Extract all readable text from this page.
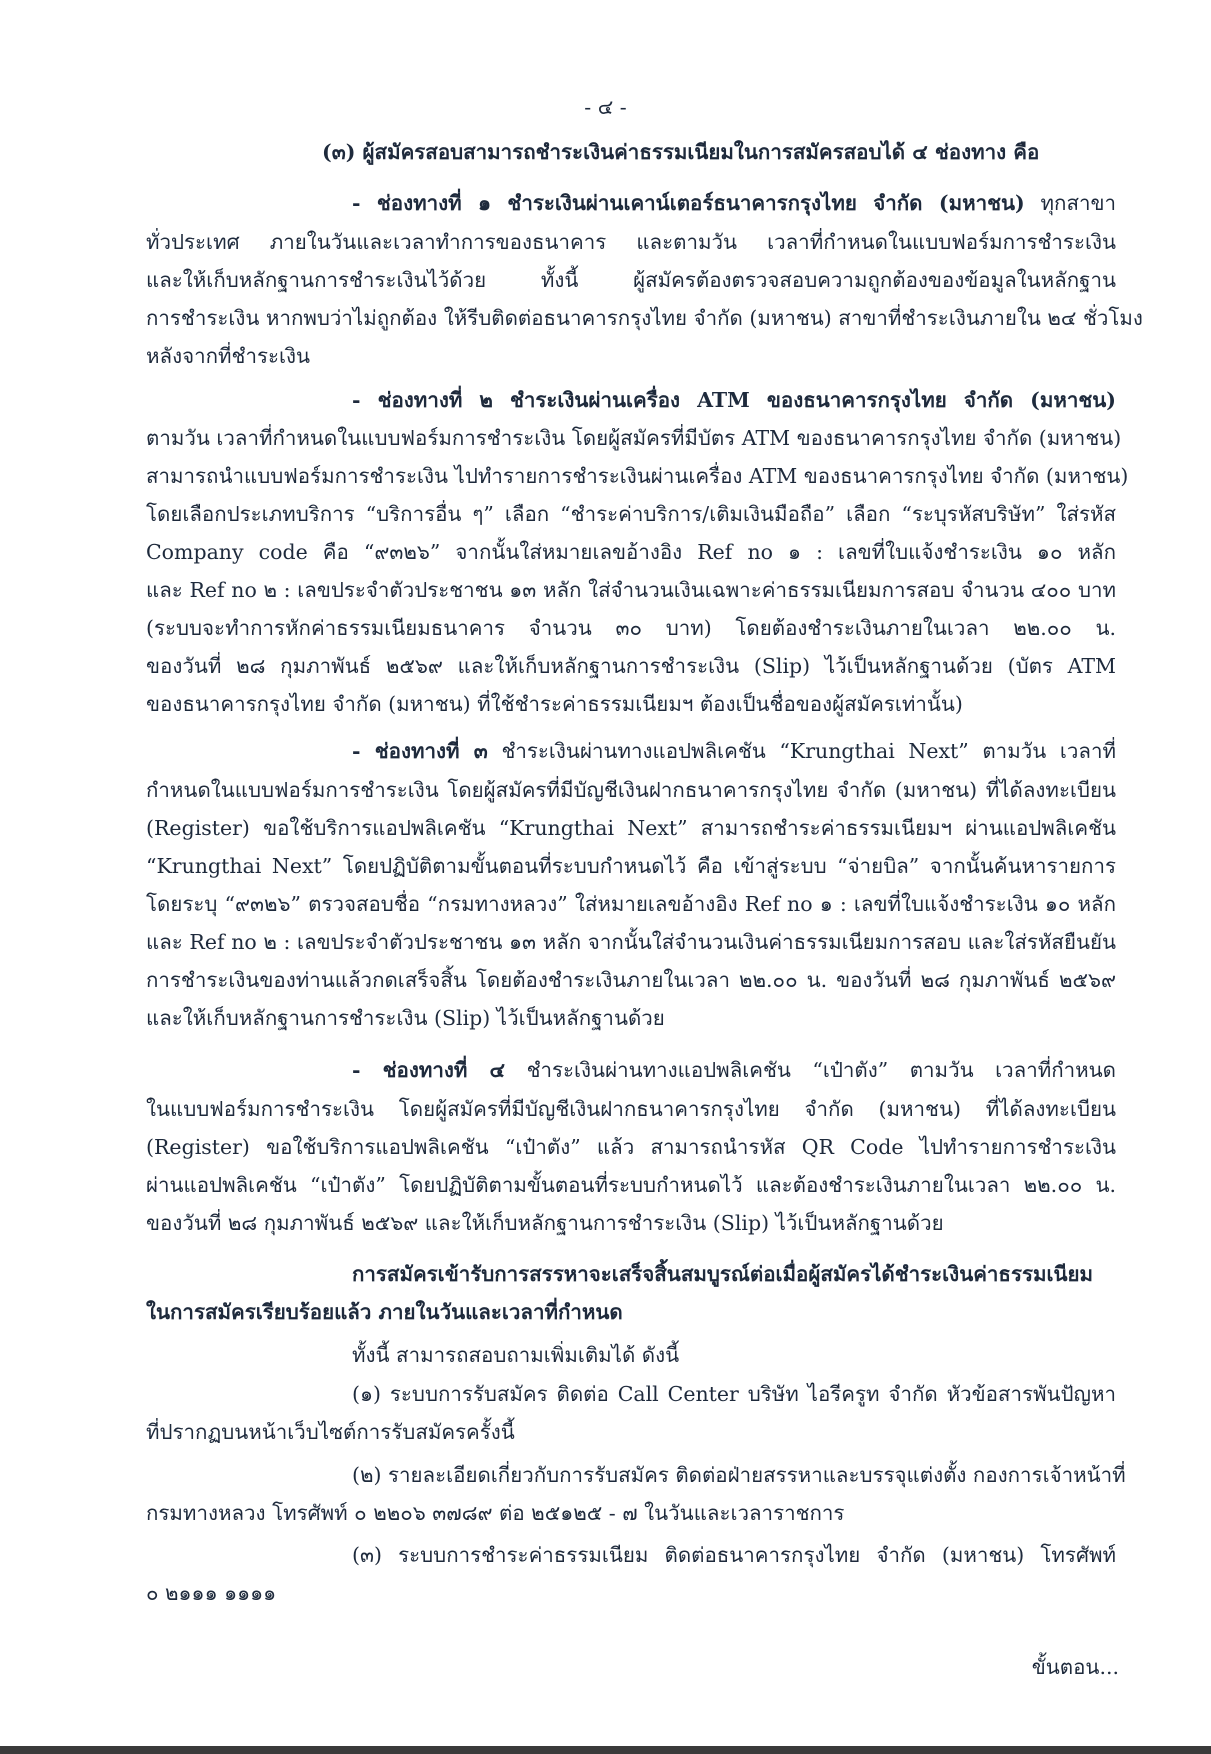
- ๔ -
(๓) ผู้สมัครสอบสามารถชำระเงินค่าธรรมเนียมในการสมัครสอบได้ ๔ ช่องทาง คือ
- ช่องทางที่ ๑ ชำระเงินผ่านเคาน์เตอร์ธนาคารกรุงไทย จำกัด (มหาชน) ทุกสาขา
ทั่วประเทศ ภายในวันและเวลาทำการของธนาคาร และตามวัน เวลาที่กำหนดในแบบฟอร์มการชำระเงิน
และให้เก็บหลักฐานการชำระเงินไว้ด้วย ทั้งนี้ ผู้สมัครต้องตรวจสอบความถูกต้องของข้อมูลในหลักฐาน
การชำระเงิน หากพบว่าไม่ถูกต้อง ให้รีบติดต่อธนาคารกรุงไทย จำกัด (มหาชน) สาขาที่ชำระเงินภายใน ๒๔ ชั่วโมง
หลังจากที่ชำระเงิน
- ช่องทางที่ ๒ ชำระเงินผ่านเครื่อง ATM ของธนาคารกรุงไทย จำกัด (มหาชน)
ตามวัน เวลาที่กำหนดในแบบฟอร์มการชำระเงิน โดยผู้สมัครที่มีบัตร ATM ของธนาคารกรุงไทย จำกัด (มหาชน)
สามารถนำแบบฟอร์มการชำระเงิน ไปทำรายการชำระเงินผ่านเครื่อง ATM ของธนาคารกรุงไทย จำกัด (มหาชน)
โดยเลือกประเภทบริการ “บริการอื่น ๆ” เลือก “ชำระค่าบริการ/เติมเงินมือถือ” เลือก “ระบุรหัสบริษัท” ใส่รหัส
Company code คือ “๙๓๒๖” จากนั้นใส่หมายเลขอ้างอิง Ref no ๑ : เลขที่ใบแจ้งชำระเงิน ๑๐ หลัก
และ Ref no ๒ : เลขประจำตัวประชาชน ๑๓ หลัก ใส่จำนวนเงินเฉพาะค่าธรรมเนียมการสอบ จำนวน ๔๐๐ บาท
(ระบบจะทำการหักค่าธรรมเนียมธนาคาร จำนวน ๓๐ บาท) โดยต้องชำระเงินภายในเวลา ๒๒.๐๐ น.
ของวันที่ ๒๘ กุมภาพันธ์ ๒๕๖๙ และให้เก็บหลักฐานการชำระเงิน (Slip) ไว้เป็นหลักฐานด้วย (บัตร ATM
ของธนาคารกรุงไทย จำกัด (มหาชน) ที่ใช้ชำระค่าธรรมเนียมฯ ต้องเป็นชื่อของผู้สมัครเท่านั้น)
- ช่องทางที่ ๓ ชำระเงินผ่านทางแอปพลิเคชัน “Krungthai Next” ตามวัน เวลาที่
กำหนดในแบบฟอร์มการชำระเงิน โดยผู้สมัครที่มีบัญชีเงินฝากธนาคารกรุงไทย จำกัด (มหาชน) ที่ได้ลงทะเบียน
(Register) ขอใช้บริการแอปพลิเคชัน “Krungthai Next” สามารถชำระค่าธรรมเนียมฯ ผ่านแอปพลิเคชัน
“Krungthai Next” โดยปฏิบัติตามขั้นตอนที่ระบบกำหนดไว้ คือ เข้าสู่ระบบ “จ่ายบิล” จากนั้นค้นหารายการ
โดยระบุ “๙๓๒๖” ตรวจสอบชื่อ “กรมทางหลวง” ใส่หมายเลขอ้างอิง Ref no ๑ : เลขที่ใบแจ้งชำระเงิน ๑๐ หลัก
และ Ref no ๒ : เลขประจำตัวประชาชน ๑๓ หลัก จากนั้นใส่จำนวนเงินค่าธรรมเนียมการสอบ และใส่รหัสยืนยัน
การชำระเงินของท่านแล้วกดเสร็จสิ้น โดยต้องชำระเงินภายในเวลา ๒๒.๐๐ น. ของวันที่ ๒๘ กุมภาพันธ์ ๒๕๖๙
และให้เก็บหลักฐานการชำระเงิน (Slip) ไว้เป็นหลักฐานด้วย
- ช่องทางที่ ๔ ชำระเงินผ่านทางแอปพลิเคชัน “เป๋าตัง” ตามวัน เวลาที่กำหนด
ในแบบฟอร์มการชำระเงิน โดยผู้สมัครที่มีบัญชีเงินฝากธนาคารกรุงไทย จำกัด (มหาชน) ที่ได้ลงทะเบียน
(Register) ขอใช้บริการแอปพลิเคชัน “เป๋าตัง” แล้ว สามารถนำรหัส QR Code ไปทำรายการชำระเงิน
ผ่านแอปพลิเคชัน “เป๋าตัง” โดยปฏิบัติตามขั้นตอนที่ระบบกำหนดไว้ และต้องชำระเงินภายในเวลา ๒๒.๐๐ น.
ของวันที่ ๒๘ กุมภาพันธ์ ๒๕๖๙ และให้เก็บหลักฐานการชำระเงิน (Slip) ไว้เป็นหลักฐานด้วย
การสมัครเข้ารับการสรรหาจะเสร็จสิ้นสมบูรณ์ต่อเมื่อผู้สมัครได้ชำระเงินค่าธรรมเนียม
ในการสมัครเรียบร้อยแล้ว ภายในวันและเวลาที่กำหนด
ทั้งนี้ สามารถสอบถามเพิ่มเติมได้ ดังนี้
(๑) ระบบการรับสมัคร ติดต่อ Call Center บริษัท ไอรีครูท จำกัด หัวข้อสารพันปัญหา
ที่ปรากฏบนหน้าเว็บไซต์การรับสมัครครั้งนี้
(๒) รายละเอียดเกี่ยวกับการรับสมัคร ติดต่อฝ่ายสรรหาและบรรจุแต่งตั้ง กองการเจ้าหน้าที่
กรมทางหลวง โทรศัพท์ ๐ ๒๒๐๖ ๓๗๘๙ ต่อ ๒๕๑๒๕ - ๗ ในวันและเวลาราชการ
(๓) ระบบการชำระค่าธรรมเนียม ติดต่อธนาคารกรุงไทย จำกัด (มหาชน) โทรศัพท์
๐ ๒๑๑๑ ๑๑๑๑
ขั้นตอน...
